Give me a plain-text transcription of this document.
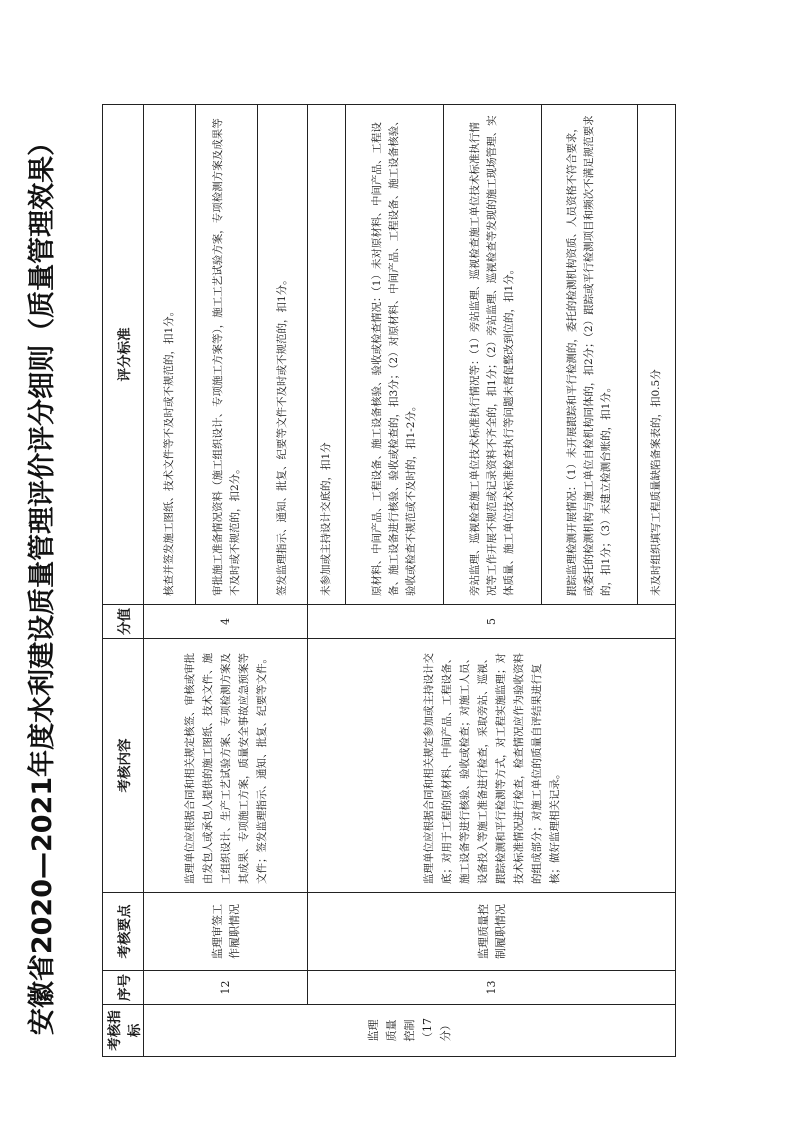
安徽省2020—2021年度水利建设质量管理评价评分细则（质量管理效果）	考核指标	序号	考核要点	考核内容	分值	评分标准
监理质量控制（17分）	12	监理审签工作履职情况	监理单位应根据合同和相关规定核签、审核或审批由发包人或承包人提供的施工图纸、技术文件、施工组织设计、生产工艺试验方案、专项检测方案及其成果、专项施工方案，质量安全事故应急预案等文件；签发监理指示、通知、批复、纪要等文件。	4	核查并签发施工图纸、技术文件等不及时或不规范的，扣1分。
					审批施工准备情况资料（施工组织设计、专项施工方案等），施工工艺试验方案，专项检测方案及成果等不及时或不规范的，扣2分。
					签发监理指示、通知、批复、纪要等文件不及时或不规范的，扣1分。
	13	监理质量控制履职情况	监理单位应根据合同和相关规定参加或主持设计交底；对用于工程的原材料、中间产品、工程设备、施工设备等进行核验、验收或检查；对施工人员、设备投入等施工准备进行检查，采取旁站、巡视、跟踪检测和平行检测等方式，对工程实施监理；对技术标准情况进行检查，检查情况应作为验收资料的组成部分；对施工单位的质量自评结果进行复核；做好监理相关记录。	5	未参加或主持设计交底的，扣1分
					原材料、中间产品、工程设备、施工设备核验、验收或检查情况：（1）未对原材料、中间产品、工程设备、施工设备进行核验、验收或检查的，扣3分；（2）对原材料、中间产品、工程设备、施工设备核验、验收或检查不规范或不及时的，扣1-2分。
					旁站监理、巡视检查施工单位技术标准执行情况等：（1）旁站监理、巡视检查施工单位技术标准执行情况等工作开展不规范或记录资料不齐全的，扣1分；（2）旁站监理、巡视检查等发现的施工现场管理、实体质量、施工单位技术标准检查执行等问题未督促整改到位的，扣1分。
					跟踪监理检测开展情况：（1）未开展跟踪和平行检测的，委托的检测机构资质、人员资格不符合要求，或委托的检测机构与施工单位自检机构同体的，扣2分；（2）跟踪或平行检测项目和频次不满足规范要求的，扣1分；（3）未建立检测台账的，扣1分。
					未及时组织填写工程质量缺陷备案表的，扣0.5分
